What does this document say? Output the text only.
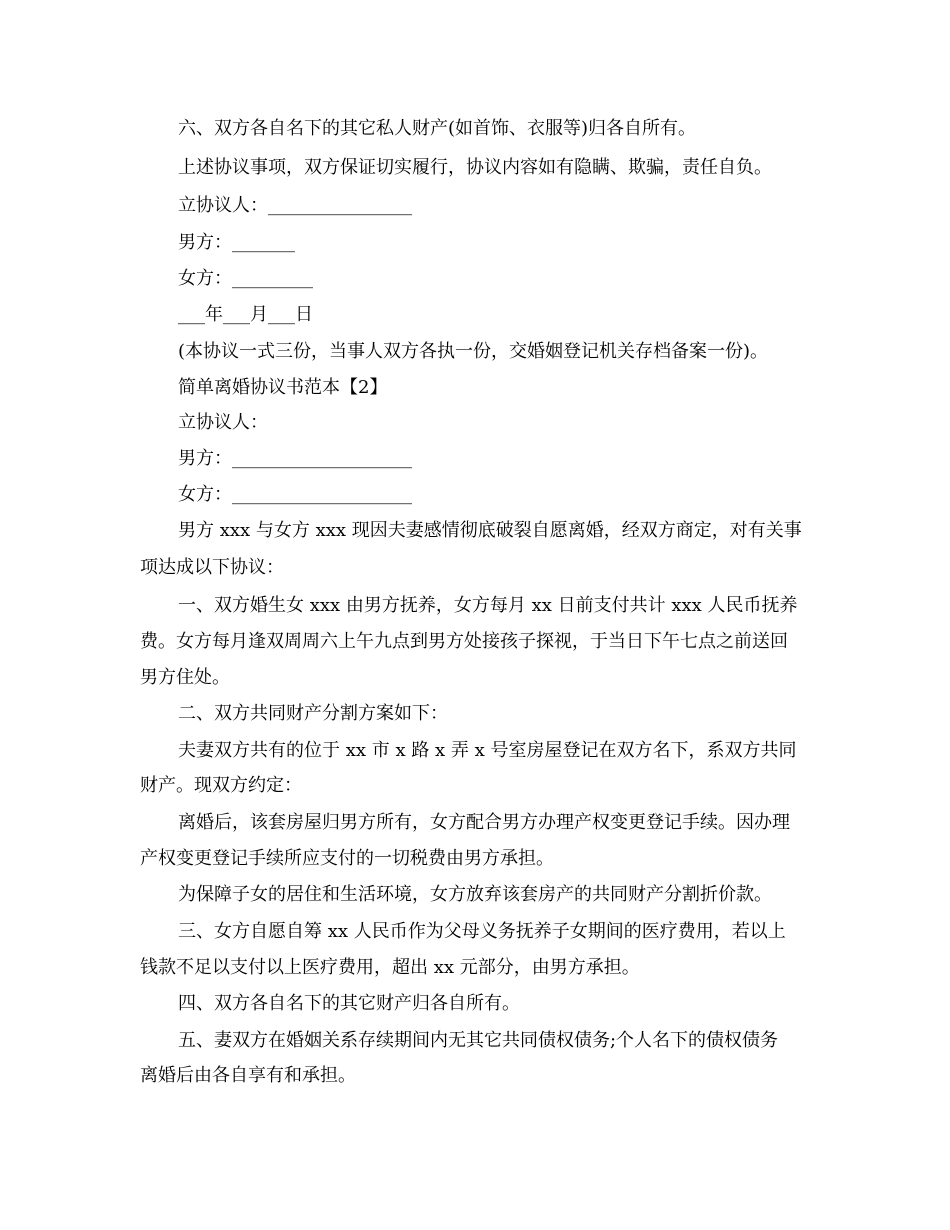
六、双方各自名下的其它私人财产(如首饰、衣服等)归各自所有。
上述协议事项，双方保证切实履行，协议内容如有隐瞒、欺骗，责任自负。
立协议人：________________
男方：_______
女方：_________
___年___月___日
(本协议一式三份，当事人双方各执一份，交婚姻登记机关存档备案一份)。
简单离婚协议书范本【2】
立协议人：
男方：____________________
女方：____________________
男方 xxx 与女方 xxx 现因夫妻感情彻底破裂自愿离婚，经双方商定，对有关事
项达成以下协议：
一、双方婚生女 xxx 由男方抚养，女方每月 xx 日前支付共计 xxx 人民币抚养
费。女方每月逢双周周六上午九点到男方处接孩子探视，于当日下午七点之前送回
男方住处。
二、双方共同财产分割方案如下：
夫妻双方共有的位于 xx 市 x 路 x 弄 x 号室房屋登记在双方名下，系双方共同
财产。现双方约定：
离婚后，该套房屋归男方所有，女方配合男方办理产权变更登记手续。因办理
产权变更登记手续所应支付的一切税费由男方承担。
为保障子女的居住和生活环境，女方放弃该套房产的共同财产分割折价款。
三、女方自愿自筹 xx 人民币作为父母义务抚养子女期间的医疗费用，若以上
钱款不足以支付以上医疗费用，超出 xx 元部分，由男方承担。
四、双方各自名下的其它财产归各自所有。
五、妻双方在婚姻关系存续期间内无其它共同债权债务;个人名下的债权债务
离婚后由各自享有和承担。
